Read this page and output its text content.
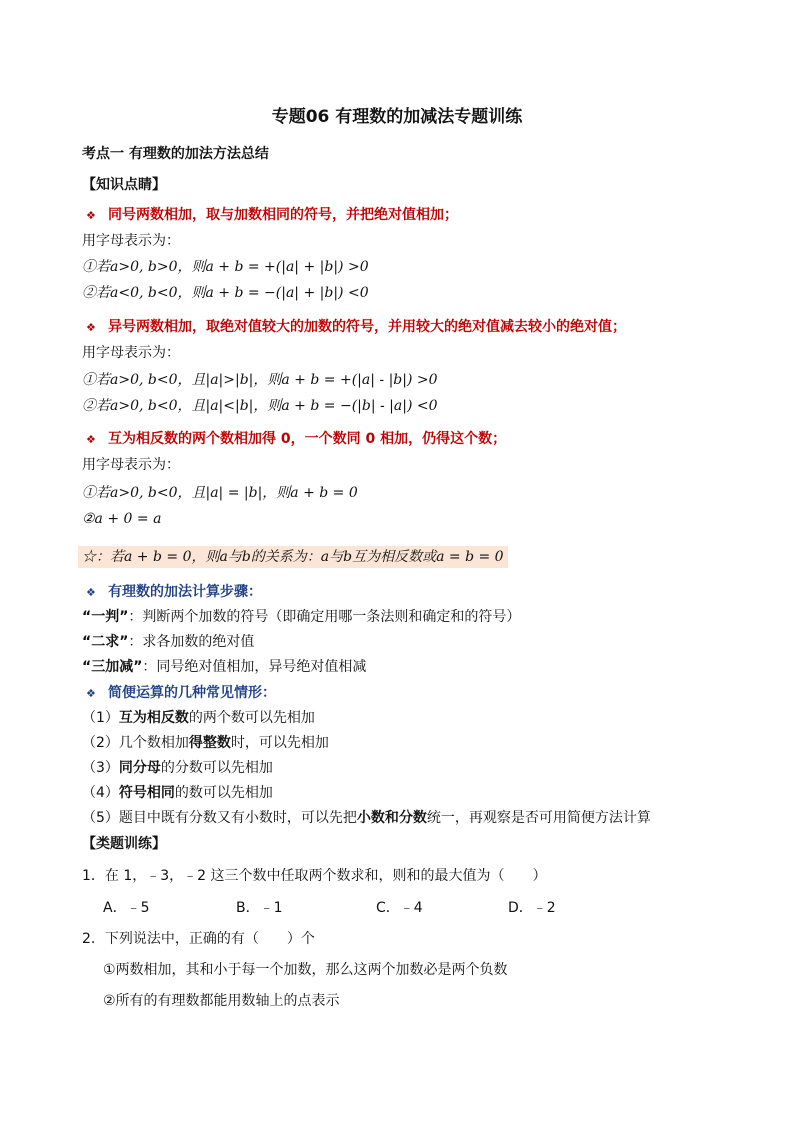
专题06 有理数的加减法专题训练
考点一 有理数的加法方法总结
【知识点睛】
❖ 同号两数相加，取与加数相同的符号，并把绝对值相加；
用字母表示为：
①若a>0, b>0，则a + b = +(|a| + |b|) >0
②若a<0, b<0，则a + b = −(|a| + |b|) <0
❖ 异号两数相加，取绝对值较大的加数的符号，并用较大的绝对值减去较小的绝对值；
用字母表示为：
①若a>0, b<0，且|a|>|b|，则a + b = +(|a| - |b|) >0
②若a>0, b<0，且|a|<|b|，则a + b = −(|b| - |a|) <0
❖ 互为相反数的两个数相加得 0，一个数同 0 相加，仍得这个数；
用字母表示为：
①若a>0, b<0，且|a| = |b|，则a + b = 0
②a + 0 = a
☆：若a + b = 0，则a与b的关系为：a与b互为相反数或a = b = 0
❖ 有理数的加法计算步骤：
“一判”：判断两个加数的符号（即确定用哪一条法则和确定和的符号）
“二求”：求各加数的绝对值
“三加减”：同号绝对值相加，异号绝对值相减
❖ 简便运算的几种常见情形：
（1）互为相反数的两个数可以先相加
（2）几个数相加得整数时，可以先相加
（3）同分母的分数可以先相加
（4）符号相同的数可以先相加
（5）题目中既有分数又有小数时，可以先把小数和分数统一，再观察是否可用简便方法计算
【类题训练】
1．在 1，﹣3，﹣2 这三个数中任取两个数求和，则和的最大值为（　　）
A．﹣5	B．﹣1	C．﹣4	D．﹣2
2．下列说法中，正确的有（　　）个
①两数相加，其和小于每一个加数，那么这两个加数必是两个负数
②所有的有理数都能用数轴上的点表示
